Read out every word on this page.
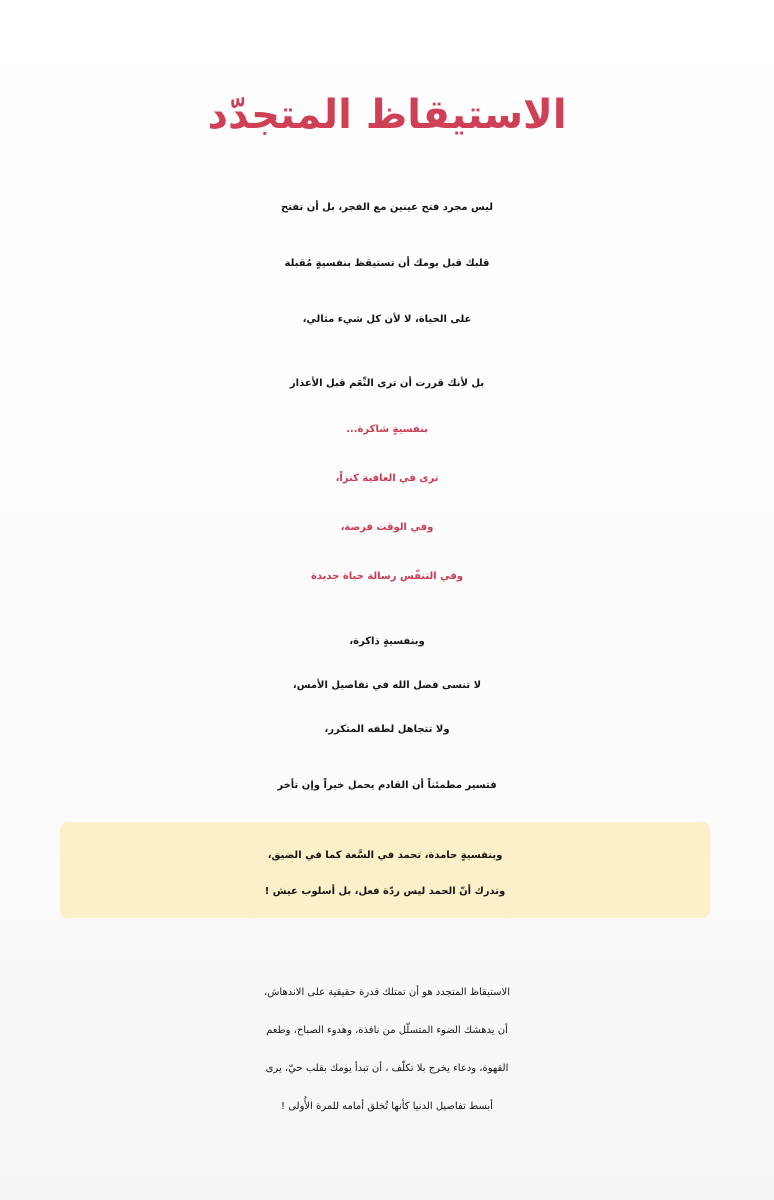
الاستيقاظ المتجدّد
ليس مجرد فتح عينين مع الفجر، بل أن تفتح
قلبك قبل يومك أن تستيقظ بنفسيةٍ مُقبلة
على الحياة، لا لأن كل شيء مثالي،
بل لأنك قررت أن ترى النِّعَم قبل الأعذار
بنفسيةٍ شاكرة...
ترى في العافية كنزاً،
وفي الوقت فرصة،
وفي التنفّس رسالة حياة جديدة
وبنفسيةٍ ذاكرة،
لا تنسى فضل الله في تفاصيل الأمس،
ولا تتجاهل لطفه المتكرر،
فتسير مطمئناً أن القادم يحمل خيراً وإن تأخر
وبنفسيةٍ حامدة، تحمد في السَّعة كما في الضيق،
وتدرك أنّ الحمد ليس ردّة فعل، بل أسلوب عيش !
الاستيقاظ المتجدد هو أن تمتلك قدرة حقيقية على الاندهاش،
أن يدهشك الضوء المتسلّل من نافذة، وهدوء الصباح، وطعم
القهوة، ودعاء يخرج بلا تكلّف ، أن تبدأ يومك بقلب حيّ، يرى
أبسط تفاصيل الدنيا كأنها تُخلق أمامه للمرة الأُولى !
